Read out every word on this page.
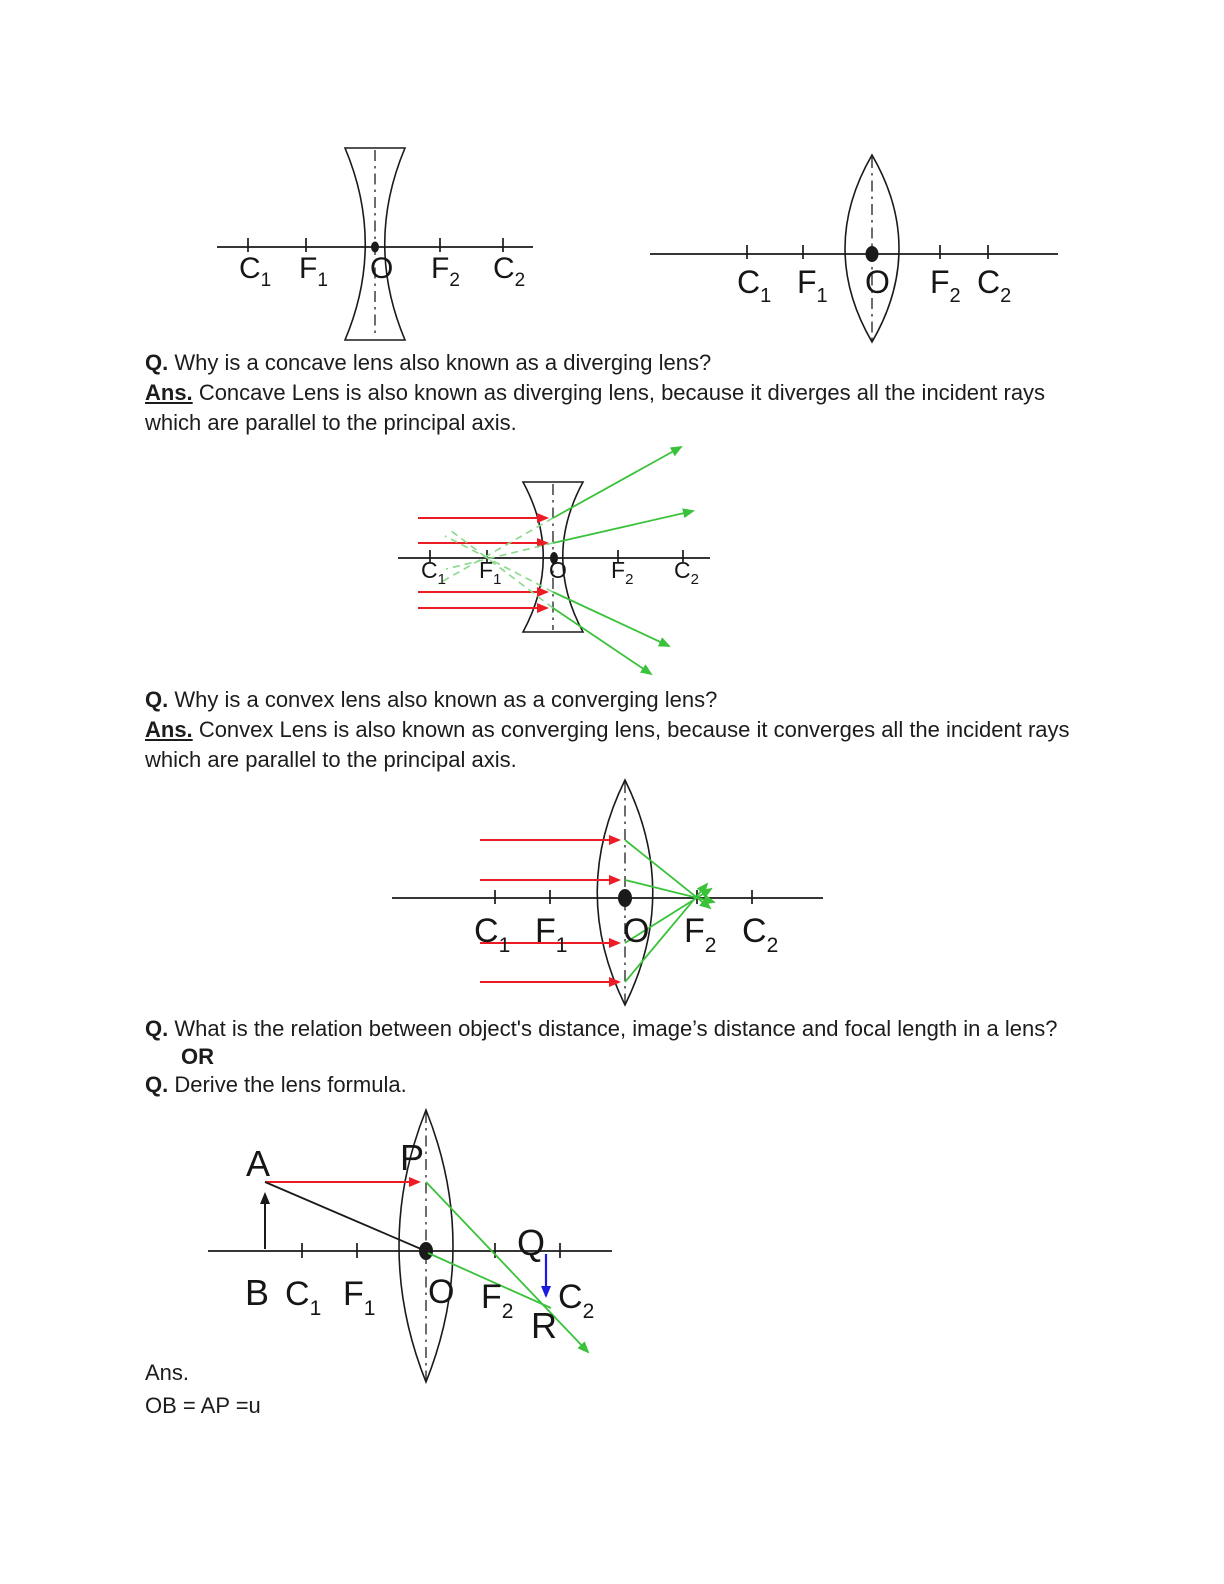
$C_1$ $F_1$ O $F_2$ $C_2$	$C_1$ $F_1$ O $F_2$ $C_2$
Q. Why is a concave lens also known as a diverging lens?
Ans. Concave Lens is also known as diverging lens, because it diverges all the incident rays
which are parallel to the principal axis.
$C_1$ $F_1$ O $F_2$ $C_2$
Q. Why is a convex lens also known as a converging lens?
Ans. Convex Lens is also known as converging lens, because it converges all the incident rays
which are parallel to the principal axis.
$C_1$ $F_1$ O $F_2$ $C_2$
Q. What is the relation between object's distance, image’s distance and focal length in a lens?
OR
Q. Derive the lens formula.
A	P
B
Q
R
$C_1$ $F_1$ O $F_2$ $C_2$
Ans.
OB = AP =u
